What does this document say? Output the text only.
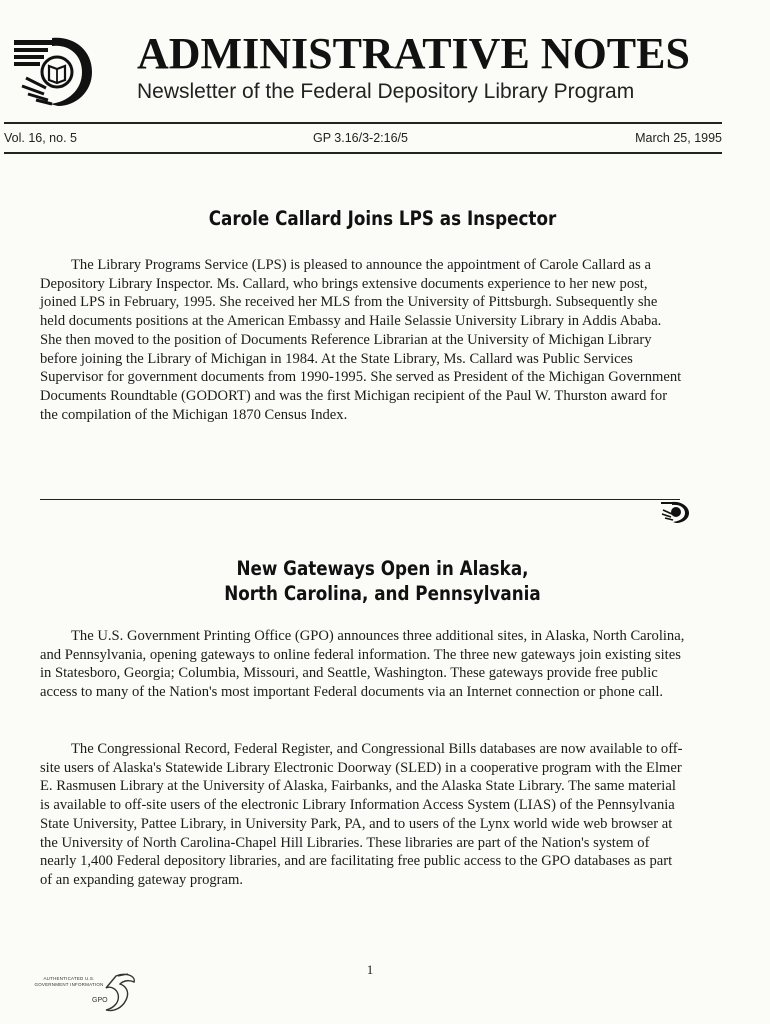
ADMINISTRATIVE NOTES
Newsletter of the Federal Depository Library Program
Vol. 16, no. 5	GP 3.16/3-2:16/5	March 25, 1995
Carole Callard Joins LPS as Inspector
The Library Programs Service (LPS) is pleased to announce the appointment of Carole Callard as a Depository Library Inspector. Ms. Callard, who brings extensive documents experience to her new post, joined LPS in February, 1995. She received her MLS from the University of Pittsburgh. Subsequently she held documents positions at the American Embassy and Haile Selassie University Library in Addis Ababa. She then moved to the position of Documents Reference Librarian at the University of Michigan Library before joining the Library of Michigan in 1984. At the State Library, Ms. Callard was Public Services Supervisor for government documents from 1990-1995. She served as President of the Michigan Government Documents Roundtable (GODORT) and was the first Michigan recipient of the Paul W. Thurston award for the compilation of the Michigan 1870 Census Index.
New Gateways Open in Alaska,
North Carolina, and Pennsylvania
The U.S. Government Printing Office (GPO) announces three additional sites, in Alaska, North Carolina, and Pennsylvania, opening gateways to online federal information. The three new gateways join existing sites in Statesboro, Georgia; Columbia, Missouri, and Seattle, Washington. These gateways provide free public access to many of the Nation's most important Federal documents via an Internet connection or phone call.
The Congressional Record, Federal Register, and Congressional Bills databases are now available to off-site users of Alaska's Statewide Library Electronic Doorway (SLED) in a cooperative program with the Elmer E. Rasmusen Library at the University of Alaska, Fairbanks, and the Alaska State Library. The same material is available to off-site users of the electronic Library Information Access System (LIAS) of the Pennsylvania State University, Pattee Library, in University Park, PA, and to users of the Lynx world wide web browser at the University of North Carolina-Chapel Hill Libraries. These libraries are part of the Nation's system of nearly 1,400 Federal depository libraries, and are facilitating free public access to the GPO databases as part of an expanding gateway program.
1
AUTHENTICATED U.S. GOVERNMENT INFORMATION
GPO
